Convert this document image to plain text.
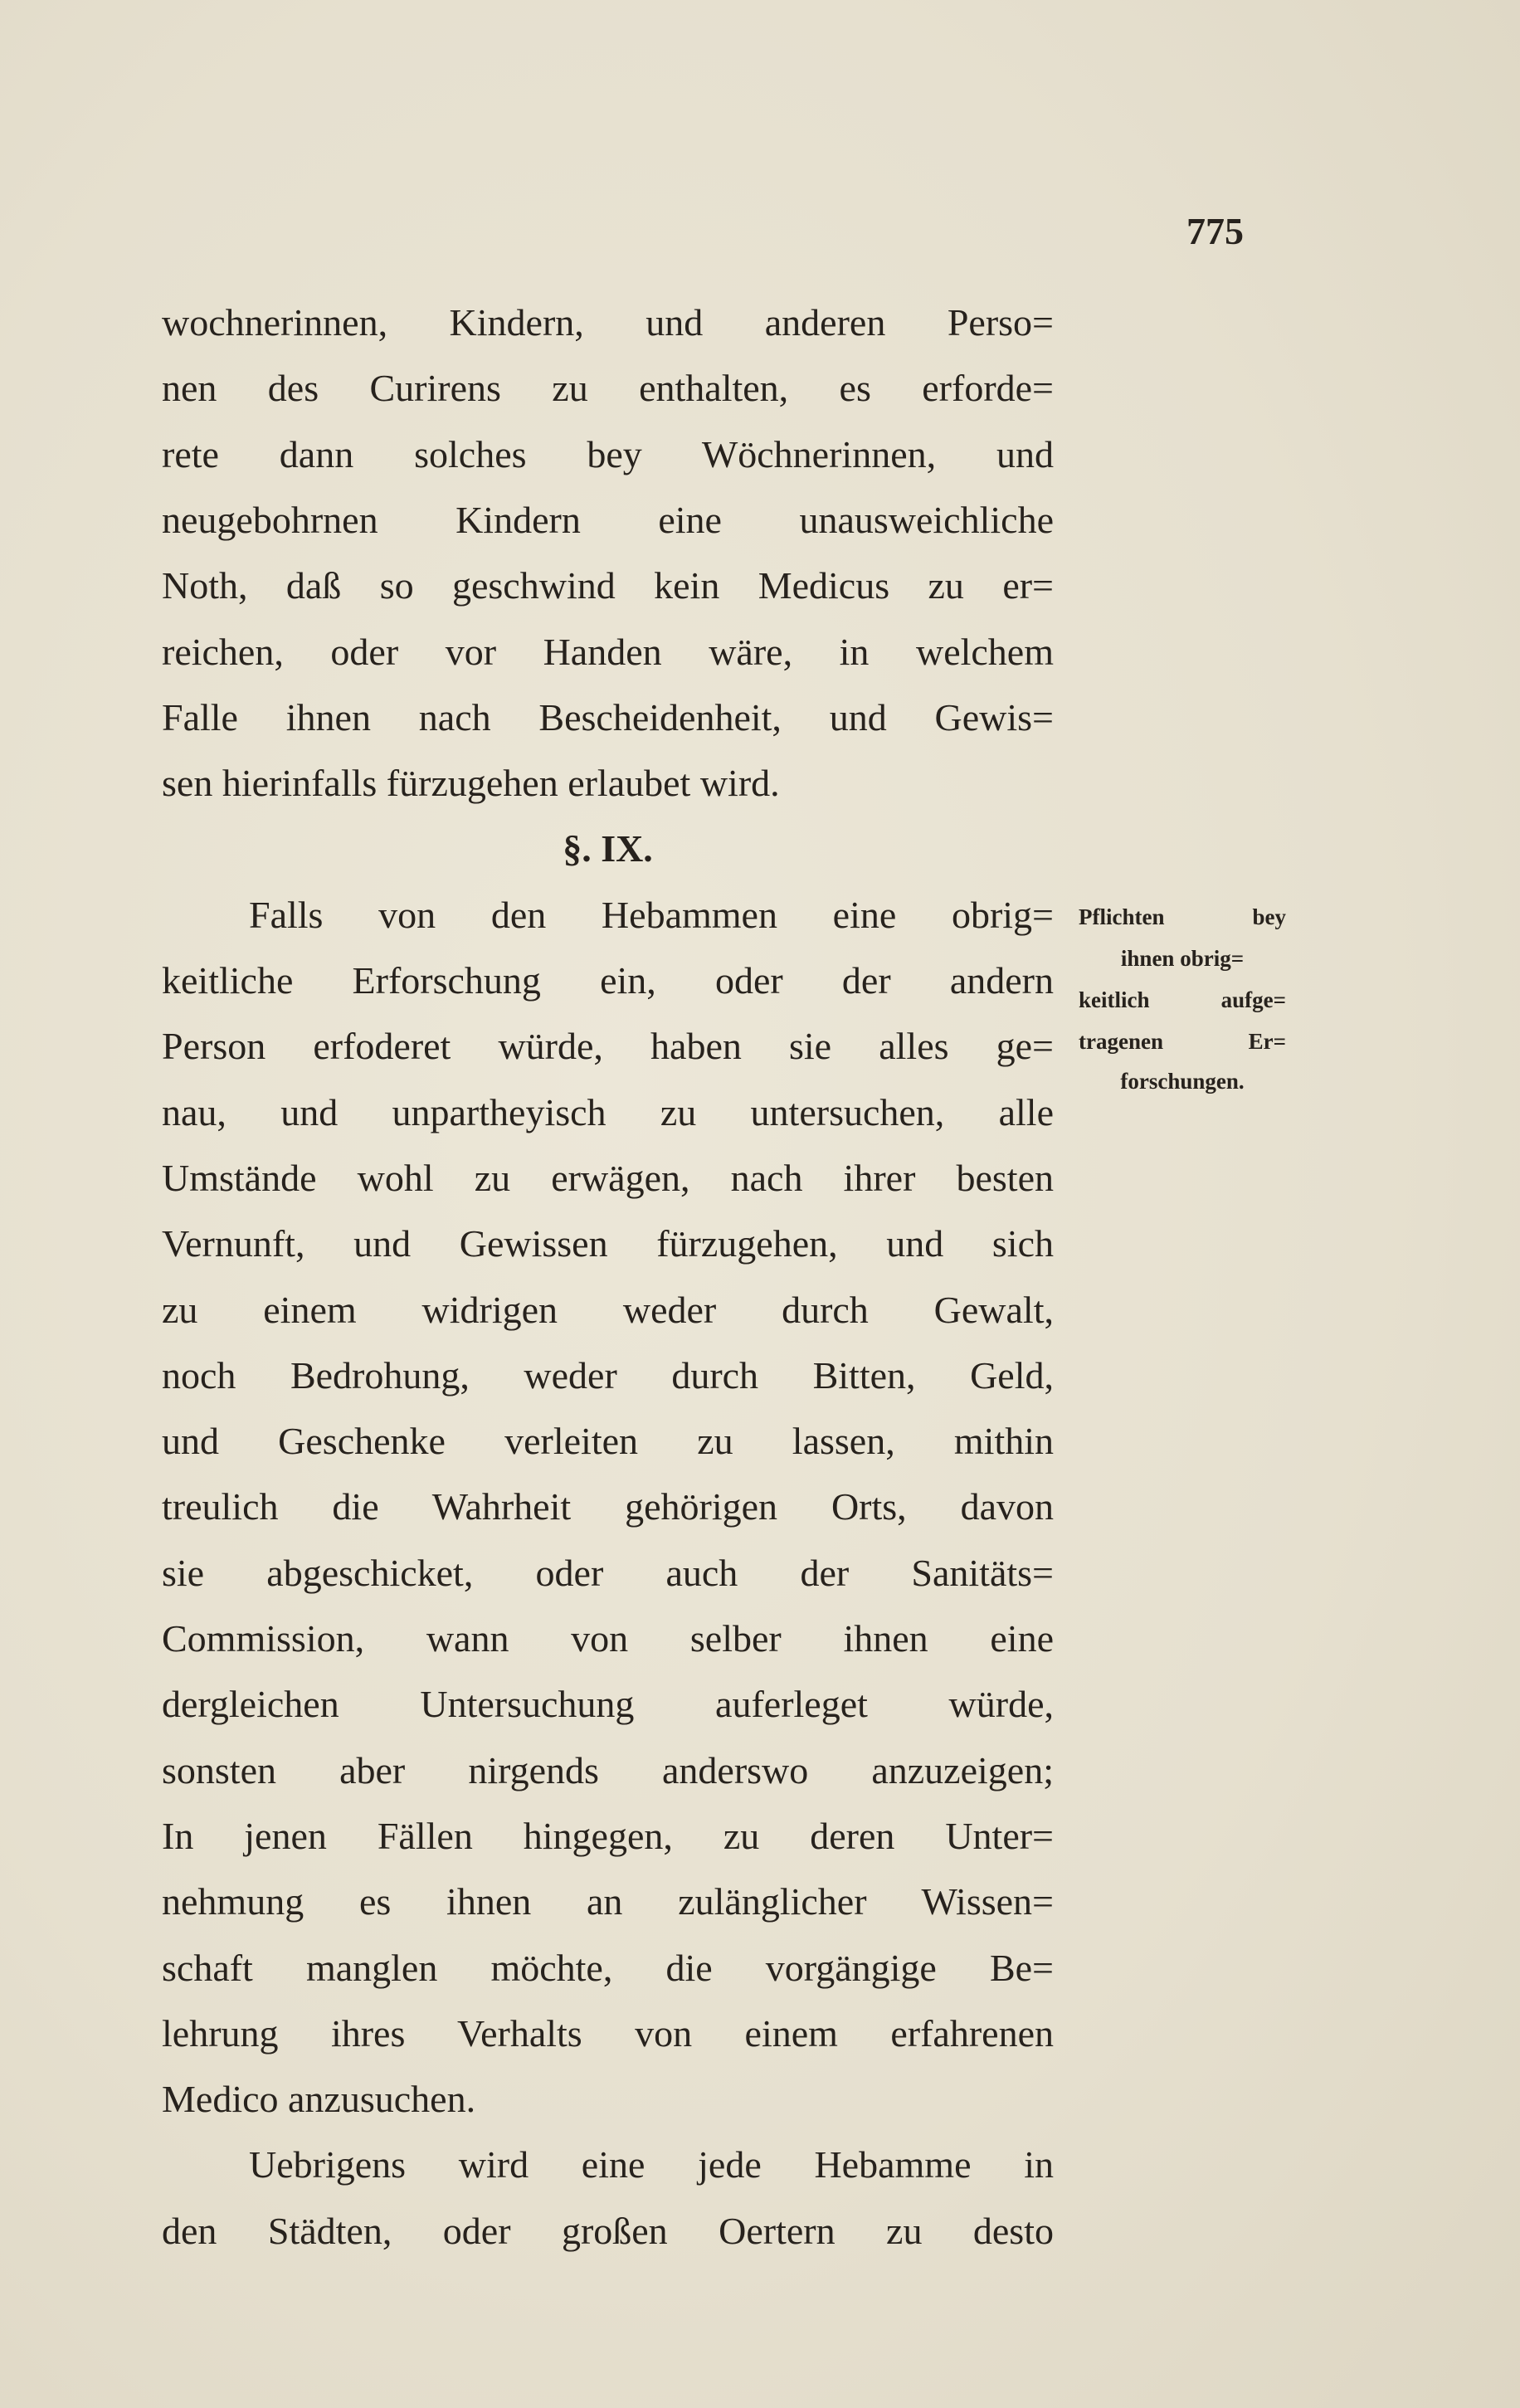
775
wochnerinnen, Kindern, und anderen Perso=
nen des Curirens zu enthalten, es erforde=
rete dann solches bey Wöchnerinnen, und
neugebohrnen Kindern eine unausweichliche
Noth, daß so geschwind kein Medicus zu er=
reichen, oder vor Handen wäre, in welchem
Falle ihnen nach Bescheidenheit, und Gewis=
sen hierinfalls fürzugehen erlaubet wird.
§. IX.
Falls von den Hebammen eine obrig=
keitliche Erforschung ein, oder der andern
Person erfoderet würde, haben sie alles ge=
nau, und unpartheyisch zu untersuchen, alle
Umstände wohl zu erwägen, nach ihrer besten
Vernunft, und Gewissen fürzugehen, und sich
zu einem widrigen weder durch Gewalt,
noch Bedrohung, weder durch Bitten, Geld,
und Geschenke verleiten zu lassen, mithin
treulich die Wahrheit gehörigen Orts, davon
sie abgeschicket, oder auch der Sanitäts=
Commission, wann von selber ihnen eine
dergleichen Untersuchung auferleget würde,
sonsten aber nirgends anderswo anzuzeigen;
In jenen Fällen hingegen, zu deren Unter=
nehmung es ihnen an zulänglicher Wissen=
schaft manglen möchte, die vorgängige Be=
lehrung ihres Verhalts von einem erfahrenen
Medico anzusuchen.
Uebrigens wird eine jede Hebamme in
den Städten, oder großen Oertern zu desto
Pflichten bey
ihnen obrig=
keitlich aufge=
tragenen Er=
forschungen.
